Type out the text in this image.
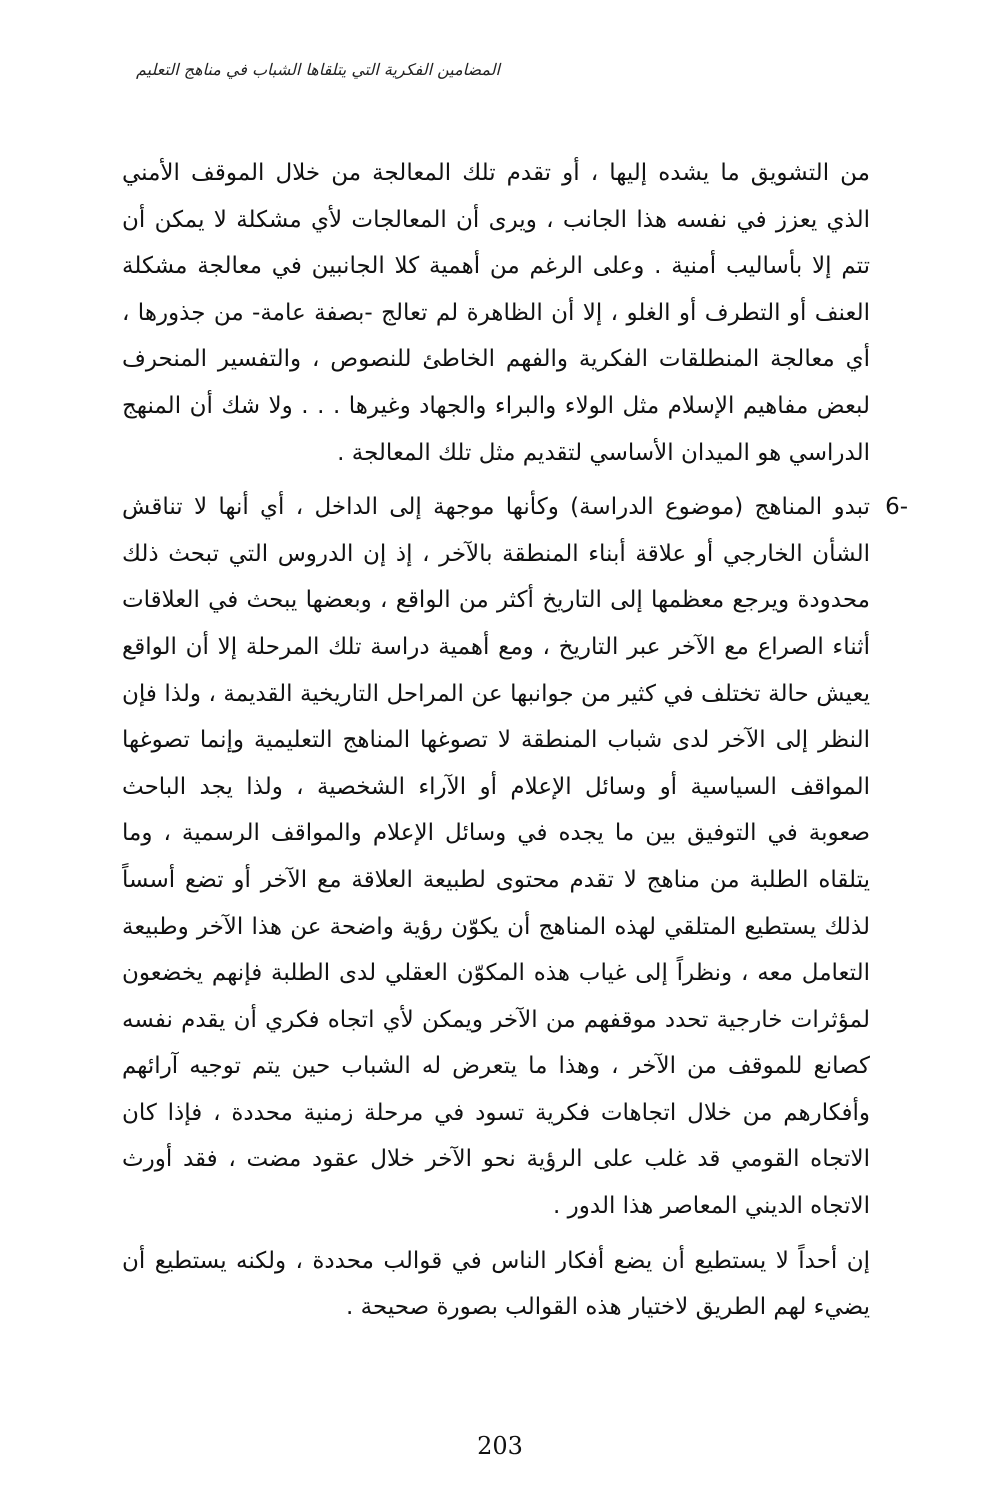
المضامين الفكرية التي يتلقاها الشباب في مناهج التعليم

من التشويق ما يشده إليها ، أو تقدم تلك المعالجة من خلال الموقف الأمني الذي يعزز في نفسه هذا الجانب ، ويرى أن المعالجات لأي مشكلة لا يمكن أن تتم إلا بأساليب أمنية . وعلى الرغم من أهمية كلا الجانبين في معالجة مشكلة العنف أو التطرف أو الغلو ، إلا أن الظاهرة لم تعالج -بصفة عامة- من جذورها ، أي معالجة المنطلقات الفكرية والفهم الخاطئ للنصوص ، والتفسير المنحرف لبعض مفاهيم الإسلام مثل الولاء والبراء والجهاد وغيرها . . . ولا شك أن المنهج الدراسي هو الميدان الأساسي لتقديم مثل تلك المعالجة .

6-
تبدو المناهج (موضوع الدراسة) وكأنها موجهة إلى الداخل ، أي أنها لا تناقش الشأن الخارجي أو علاقة أبناء المنطقة بالآخر ، إذ إن الدروس التي تبحث ذلك محدودة ويرجع معظمها إلى التاريخ أكثر من الواقع ، وبعضها يبحث في العلاقات أثناء الصراع مع الآخر عبر التاريخ ، ومع أهمية دراسة تلك المرحلة إلا أن الواقع يعيش حالة تختلف في كثير من جوانبها عن المراحل التاريخية القديمة ، ولذا فإن النظر إلى الآخر لدى شباب المنطقة لا تصوغها المناهج التعليمية وإنما تصوغها المواقف السياسية أو وسائل الإعلام أو الآراء الشخصية ، ولذا يجد الباحث صعوبة في التوفيق بين ما يجده في وسائل الإعلام والمواقف الرسمية ، وما يتلقاه الطلبة من مناهج لا تقدم محتوى لطبيعة العلاقة مع الآخر أو تضع أسساً لذلك يستطيع المتلقي لهذه المناهج أن يكوّن رؤية واضحة عن هذا الآخر وطبيعة التعامل معه ، ونظراً إلى غياب هذه المكوّن العقلي لدى الطلبة فإنهم يخضعون لمؤثرات خارجية تحدد موقفهم من الآخر ويمكن لأي اتجاه فكري أن يقدم نفسه كصانع للموقف من الآخر ، وهذا ما يتعرض له الشباب حين يتم توجيه آرائهم وأفكارهم من خلال اتجاهات فكرية تسود في مرحلة زمنية محددة ، فإذا كان الاتجاه القومي قد غلب على الرؤية نحو الآخر خلال عقود مضت ، فقد أورث الاتجاه الديني المعاصر هذا الدور .

إن أحداً لا يستطيع أن يضع أفكار الناس في قوالب محددة ، ولكنه يستطيع أن يضيء لهم الطريق لاختيار هذه القوالب بصورة صحيحة .

203
